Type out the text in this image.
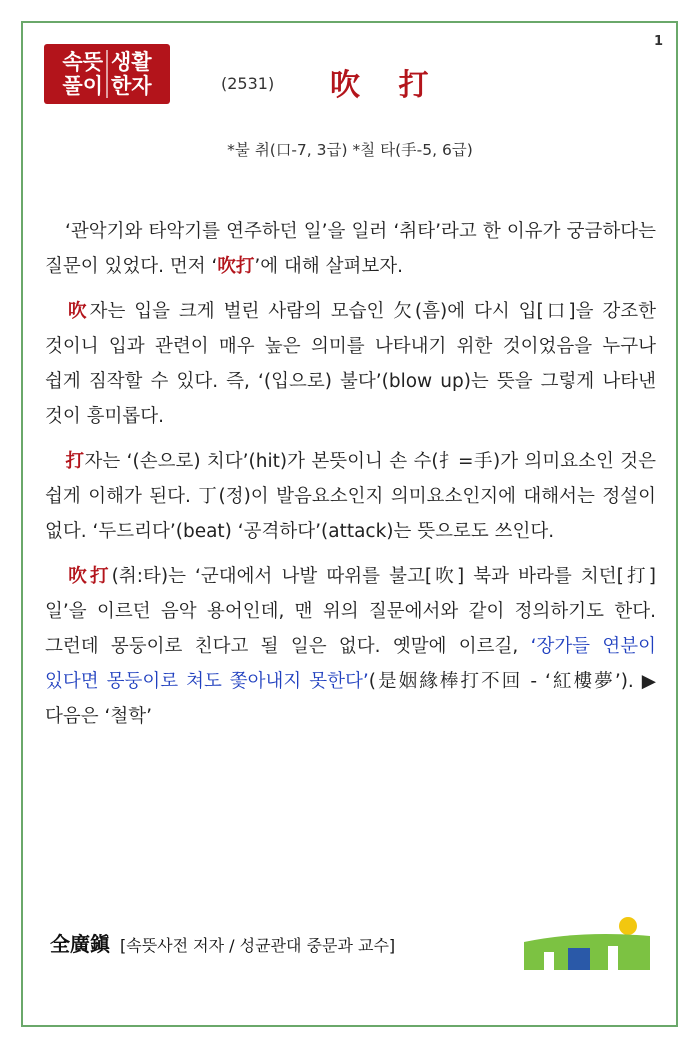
1
속뜻
풀이
생활
한자	(2531) 吹 打
*불 취(口-7, 3급) *칠 타(手-5, 6급)

‘관악기와 타악기를 연주하던 일’을 일러 ‘취타’라고 한 이유가 궁금하다는 질문이 있었다. 먼저 ‘吹打’에 대해 살펴보자.

吹자는 입을 크게 벌린 사람의 모습인 欠(흠)에 다시 입[口]을 강조한 것이니 입과 관련이 매우 높은 의미를 나타내기 위한 것이었음을 누구나 쉽게 짐작할 수 있다. 즉, ‘(입으로) 불다’(blow up)는 뜻을 그렇게 나타낸 것이 흥미롭다.

打자는 ‘(손으로) 치다’(hit)가 본뜻이니 손 수(扌=手)가 의미요소인 것은 쉽게 이해가 된다. 丁(정)이 발음요소인지 의미요소인지에 대해서는 정설이 없다. ‘두드리다’(beat) ‘공격하다’(attack)는 뜻으로도 쓰인다.

吹打(취:타)는 ‘군대에서 나발 따위를 불고[吹] 북과 바라를 치던[打] 일’을 이르던 음악 용어인데, 맨 위의 질문에서와 같이 정의하기도 한다. 그런데 몽둥이로 친다고 될 일은 없다. 옛말에 이르길, ‘장가들 연분이 있다면 몽둥이로 쳐도 쫓아내지 못한다’(是姻緣棒打不回 - ‘紅樓夢’). ▶ 다음은 ‘철학’

全廣鎭 [속뜻사전 저자 / 성균관대 중문과 교수]
